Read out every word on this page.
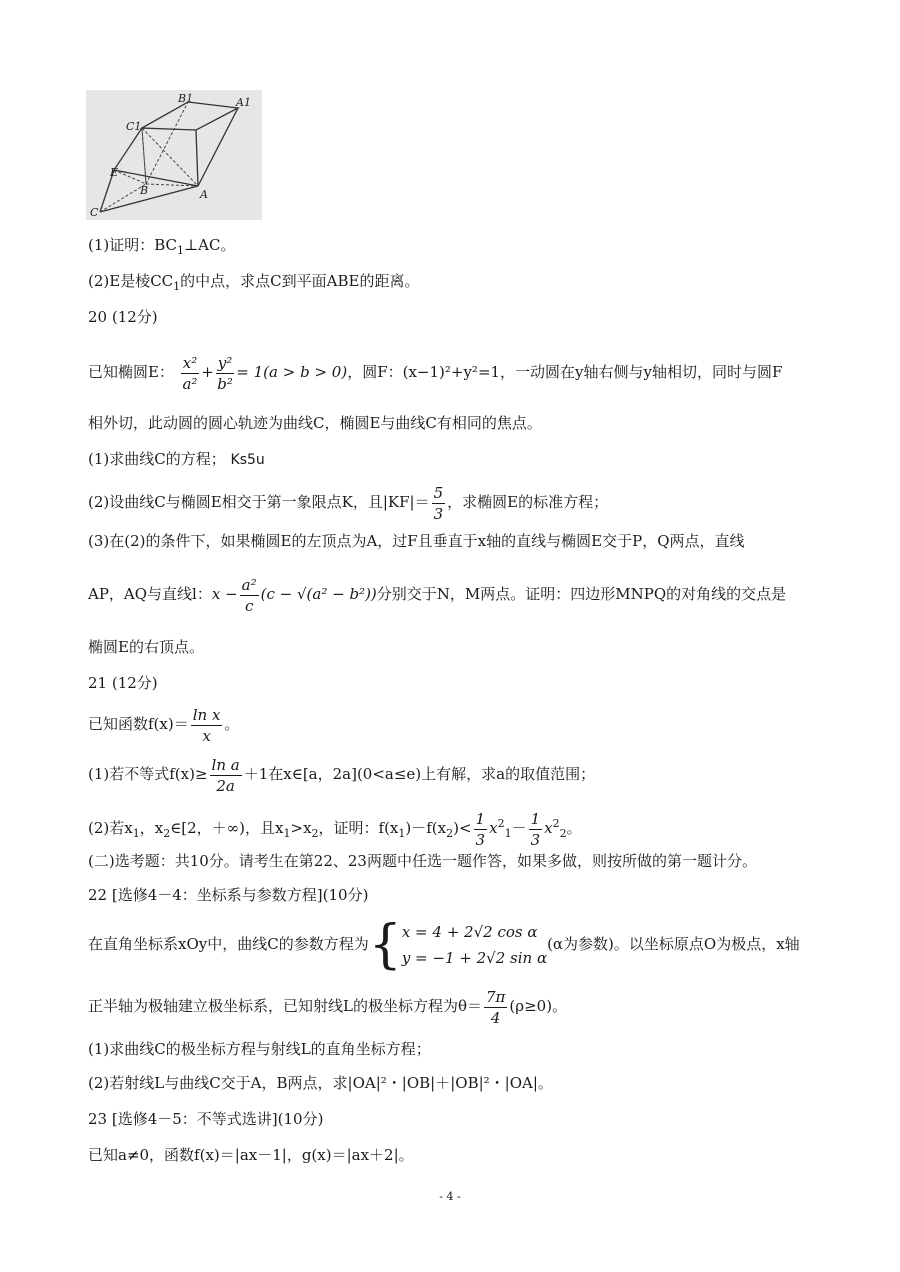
B1	A1
C1
E
B	A
C
(1)证明：$BC_1\perp AC$。
(2)E是棱$CC_1$的中点，求点C到平面ABE的距离。
20 (12分)
已知椭圆E： $\frac{\text{x²}}{\text{a²}} + \frac{\text{y²}}{\text{b²}} = 1(a > b > 0)$，圆F：(x−1)²+y²=1，一动圆在y轴右侧与y轴相切，同时与圆F
相外切，此动圆的圆心轨迹为曲线C，椭圆E与曲线C有相同的焦点。
(1)求曲线C的方程； Ks5u
(2)设曲线C与椭圆E相交于第一象限点K，且$|KF|= \frac{5}{3}$ ，求椭圆E的标准方程；
(3)在(2)的条件下，如果椭圆E的左顶点为A，过F且垂直于x轴的直线与椭圆E交于P，Q两点，直线
AP，AQ与直线l：$x - \frac{\text{a²}}{c} (c - √(a^2 - b^2))$分别交于N，M两点。证明：四边形MNPQ的对角线的交点是
椭圆E的右顶点。
21 (12分)
已知函数$f(x)= \frac{\text{ln x}}{x}$ 。
(1)若不等式$f(x)\ge \frac{\text{ln a}}{2a} +1$在x∈[a，2a](0<a≤e)上有解，求a的取值范围；
(2)若$x_1$，$x_2\in[2$，＋∞)，且$x_1>x_2$，证明：$f(x_1)-f(x_2)< \frac{1}{3} x^2_1- \frac{1}{3} x^2_2$。
(二)选考题：共10分。请考生在第22、23两题中任选一题作答，如果多做，则按所做的第一题计分。
22 [选修4－4：坐标系与参数方程](10分)
在直角坐标系xOy中，曲线C的参数方程为{x = 4 + 2√2 cos α
y = −1 + 2√2 sin α(α为参数)。以坐标原点O为极点，x轴
正半轴为极轴建立极坐标系，已知射线L的极坐标方程为$\theta= \frac{7\pi}{4} (\rho\ge 0)$。
(1)求曲线C的极坐标方程与射线L的直角坐标方程；
(2)若射线L与曲线C交于A，B两点，求|OA|²・|OB|＋|OB|²・|OA|。
23 [选修4－5：不等式选讲](10分)
已知a≠0，函数f(x)＝|ax－1|，g(x)＝|ax＋2|。
- 4 -
